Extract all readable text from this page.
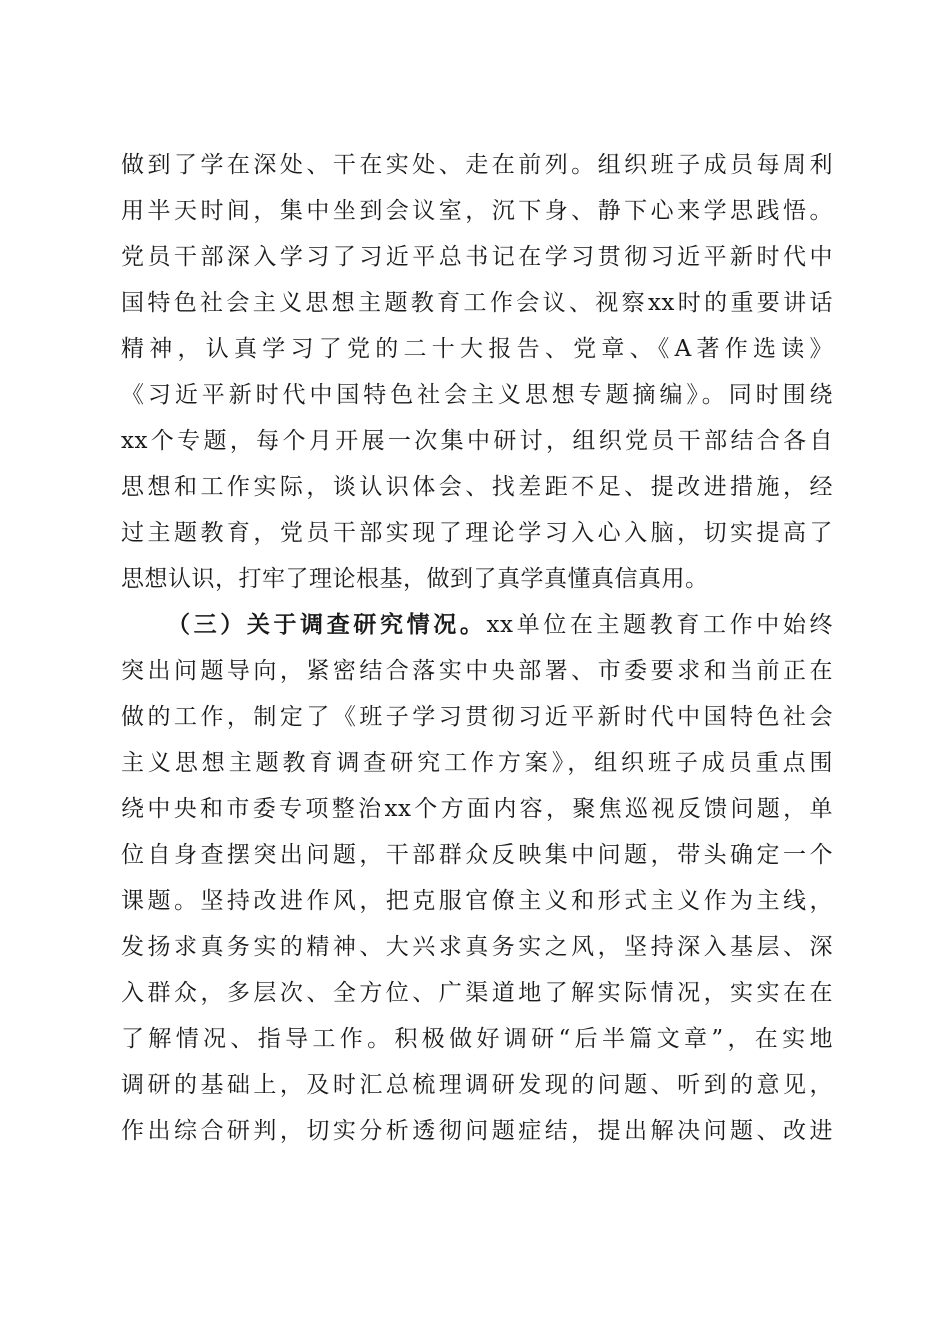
做到了学在深处、干在实处、走在前列。组织班子成员每周利
用半天时间，集中坐到会议室，沉下身、静下心来学思践悟。
党员干部深入学习了习近平总书记在学习贯彻习近平新时代中
国特色社会主义思想主题教育工作会议、视察xx时的重要讲话
精神，认真学习了党的二十大报告、党章、《A著作选读》
《习近平新时代中国特色社会主义思想专题摘编》。同时围绕
xx个专题，每个月开展一次集中研讨，组织党员干部结合各自
思想和工作实际，谈认识体会、找差距不足、提改进措施，经
过主题教育，党员干部实现了理论学习入心入脑，切实提高了
思想认识，打牢了理论根基，做到了真学真懂真信真用。
（三）关于调查研究情况。xx单位在主题教育工作中始终
突出问题导向，紧密结合落实中央部署、市委要求和当前正在
做的工作，制定了《班子学习贯彻习近平新时代中国特色社会
主义思想主题教育调查研究工作方案》，组织班子成员重点围
绕中央和市委专项整治xx个方面内容，聚焦巡视反馈问题，单
位自身查摆突出问题，干部群众反映集中问题，带头确定一个
课题。坚持改进作风，把克服官僚主义和形式主义作为主线，
发扬求真务实的精神、大兴求真务实之风，坚持深入基层、深
入群众，多层次、全方位、广渠道地了解实际情况，实实在在
了解情况、指导工作。积极做好调研“后半篇文章”，在实地
调研的基础上，及时汇总梳理调研发现的问题、听到的意见，
作出综合研判，切实分析透彻问题症结，提出解决问题、改进
